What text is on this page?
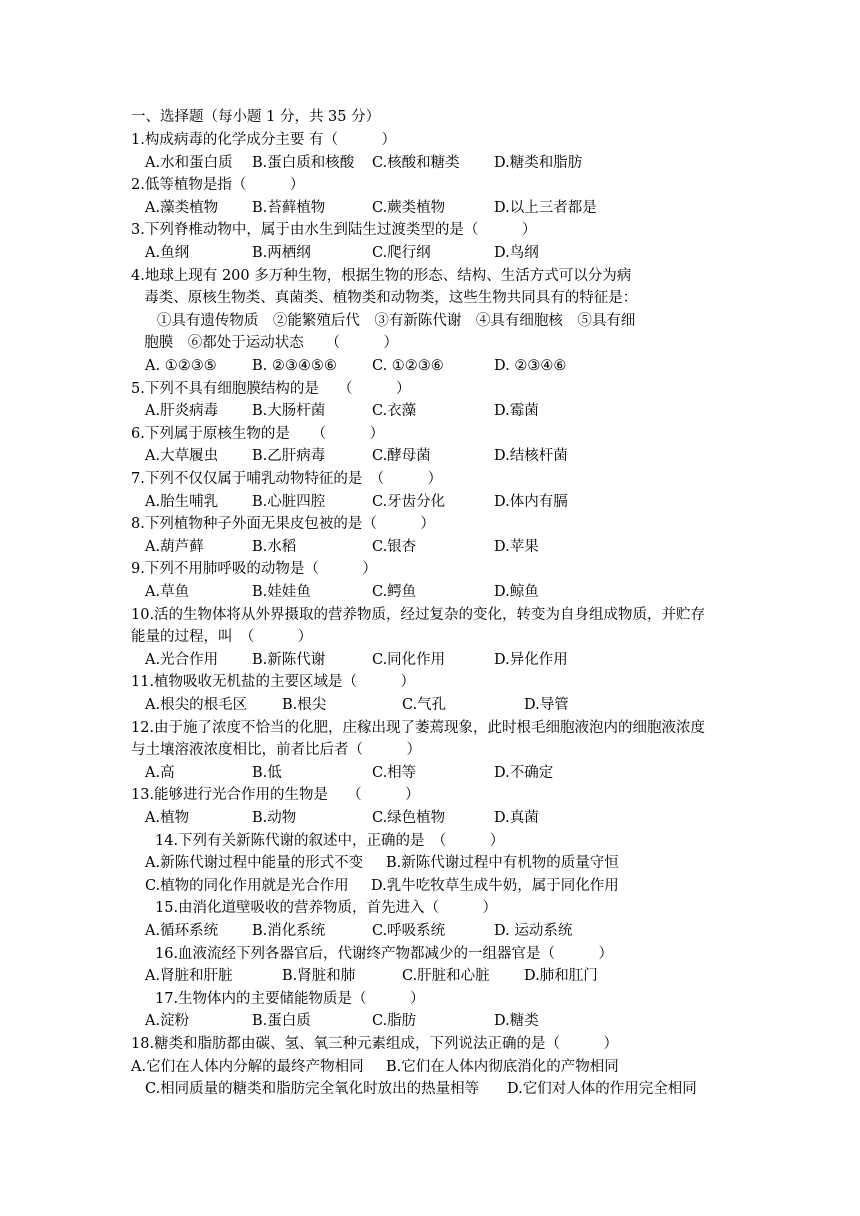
一、选择题（每小题 1 分，共 35 分）
1.构成病毒的化学成分主要 有（　　　）
A.水和蛋白质 B.蛋白质和核酸 C.核酸和糖类 D.糖类和脂肪
2.低等植物是指（　　　）
A.藻类植物 B.苔藓植物	C.蕨类植物	D.以上三者都是
3.下列脊椎动物中，属于由水生到陆生过渡类型的是（　　　）
A.鱼纲	B.两栖纲	C.爬行纲	D.鸟纲
4.地球上现有 200 多万种生物，根据生物的形态、结构、生活方式可以分为病
毒类、原核生物类、真菌类、植物类和动物类，这些生物共同具有的特征是：
①具有遗传物质　②能繁殖后代　③有新陈代谢　④具有细胞核　⑤具有细
胞膜　⑥都处于运动状态　　（　　　）
A. ①②③⑤ B. ②③④⑤⑥ C. ①②③⑥	D. ②③④⑥
5.下列不具有细胞膜结构的是　 （　　　）
A.肝炎病毒 B.大肠杆菌	C.衣藻	D.霉菌
6.下列属于原核生物的是　　（　　　）
A.大草履虫 B.乙肝病毒	C.酵母菌	D.结核杆菌
7.下列不仅仅属于哺乳动物特征的是　（　　　）
A.胎生哺乳 B.心脏四腔	C.牙齿分化	D.体内有膈
8.下列植物种子外面无果皮包被的是（　　　）
A.葫芦藓	B.水稻	C.银杏	D.苹果
9.下列不用肺呼吸的动物是（　　　）
A.草鱼	B.娃娃鱼	C.鳄鱼	D.鲸鱼
10.活的生物体将从外界摄取的营养物质，经过复杂的变化，转变为自身组成物质，并贮存
能量的过程，叫　（　　　）
A.光合作用 B.新陈代谢	C.同化作用	D.异化作用
11.植物吸收无机盐的主要区域是（　　　）
A.根尖的根毛区 B.根尖	C.气孔	D.导管
12.由于施了浓度不恰当的化肥，庄稼出现了萎蔫现象，此时根毛细胞液泡内的细胞液浓度
与土壤溶液浓度相比，前者比后者（　　　）
A.高	B.低	C.相等	D.不确定
13.能够进行光合作用的生物是　 （　　　）
A.植物	B.动物	C.绿色植物	D.真菌
14.下列有关新陈代谢的叙述中，正确的是　（　　　）
A.新陈代谢过程中能量的形式不变 B.新陈代谢过程中有机物的质量守恒
C.植物的同化作用就是光合作用 D.乳牛吃牧草生成牛奶，属于同化作用
15.由消化道壁吸收的营养物质，首先进入（　　　）
A.循环系统 B.消化系统	C.呼吸系统	D. 运动系统
16.血液流经下列各器官后，代谢终产物都减少的一组器官是（　　　）
A.肾脏和肝脏	B.肾脏和肺	C.肝脏和心脏 D.肺和肛门
17.生物体内的主要储能物质是（　　　）
A.淀粉	B.蛋白质	C.脂肪	D.糖类
18.糖类和脂肪都由碳、氢、氧三种元素组成，下列说法正确的是（　　　）
A.它们在人体内分解的最终产物相同 B.它们在人体内彻底消化的产物相同
C.相同质量的糖类和脂肪完全氧化时放出的热量相等 D.它们对人体的作用完全相同
